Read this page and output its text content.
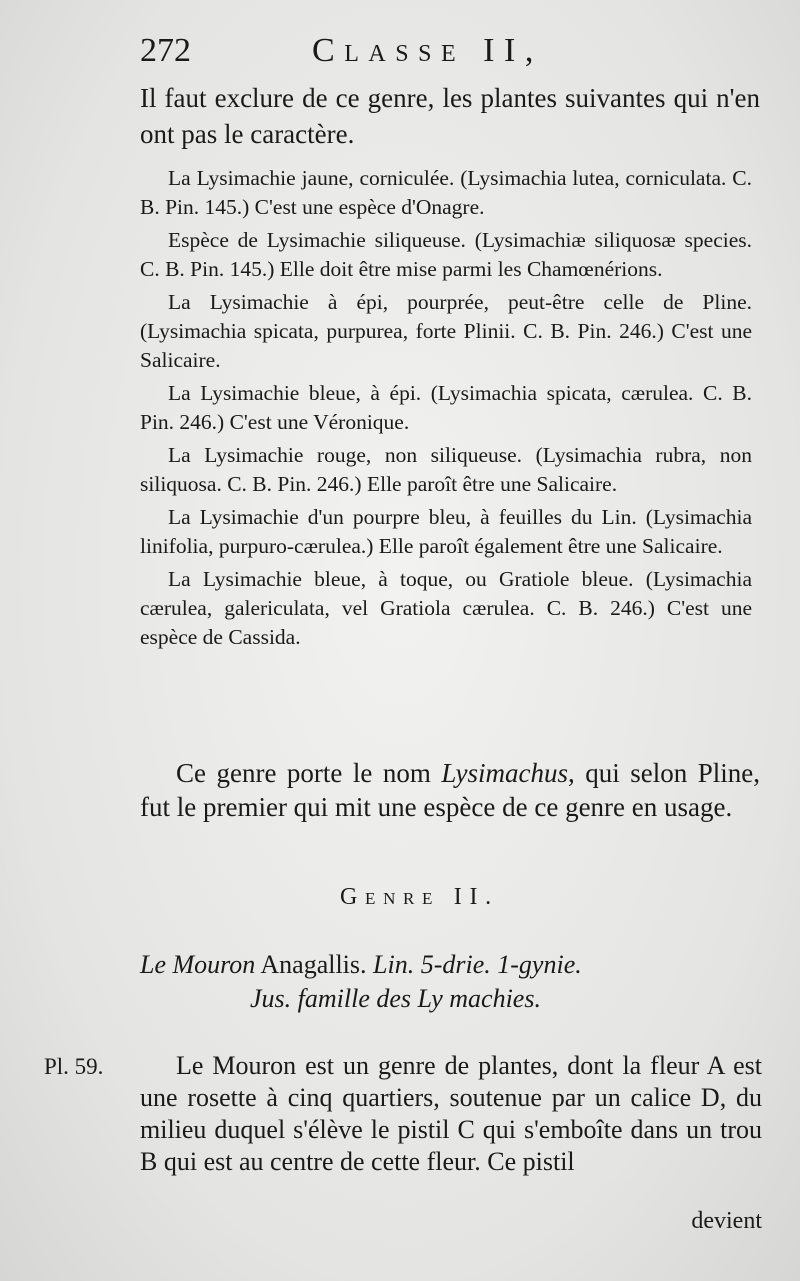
272	Classe II,

Il faut exclure de ce genre, les plantes suivantes qui n'en ont pas le caractère.

La Lysimachie jaune, corniculée. (Lysimachia lutea, corniculata. C. B. Pin. 145.) C'est une espèce d'Onagre.

Espèce de Lysimachie siliqueuse. (Lysimachiæ siliquosæ species. C. B. Pin. 145.) Elle doit être mise parmi les Chamœnérions.

La Lysimachie à épi, pourprée, peut-être celle de Pline. (Lysimachia spicata, purpurea, forte Plinii. C. B. Pin. 246.) C'est une Salicaire.

La Lysimachie bleue, à épi. (Lysimachia spicata, cærulea. C. B. Pin. 246.) C'est une Véronique.

La Lysimachie rouge, non siliqueuse. (Lysimachia rubra, non siliquosa. C. B. Pin. 246.) Elle paroît être une Salicaire.

La Lysimachie d'un pourpre bleu, à feuilles du Lin. (Lysimachia linifolia, purpuro-cærulea.) Elle paroît également être une Salicaire.

La Lysimachie bleue, à toque, ou Gratiole bleue. (Lysimachia cærulea, galericulata, vel Gratiola cærulea. C. B. 246.) C'est une espèce de Cassida.

Ce genre porte le nom Lysimachus, qui selon Pline, fut le premier qui mit une espèce de ce genre en usage.

Genre II.

Le Mouron Anagallis. Lin. 5-drie. 1-gynie.

Jus. famille des Ly machies.
Pl. 59.	Le Mouron est un genre de plantes, dont la fleur A est une rosette à cinq quartiers, soutenue par un calice D, du milieu duquel s'élève le pistil C qui s'emboîte dans un trou B qui est au centre de cette fleur. Ce pistil

devient
